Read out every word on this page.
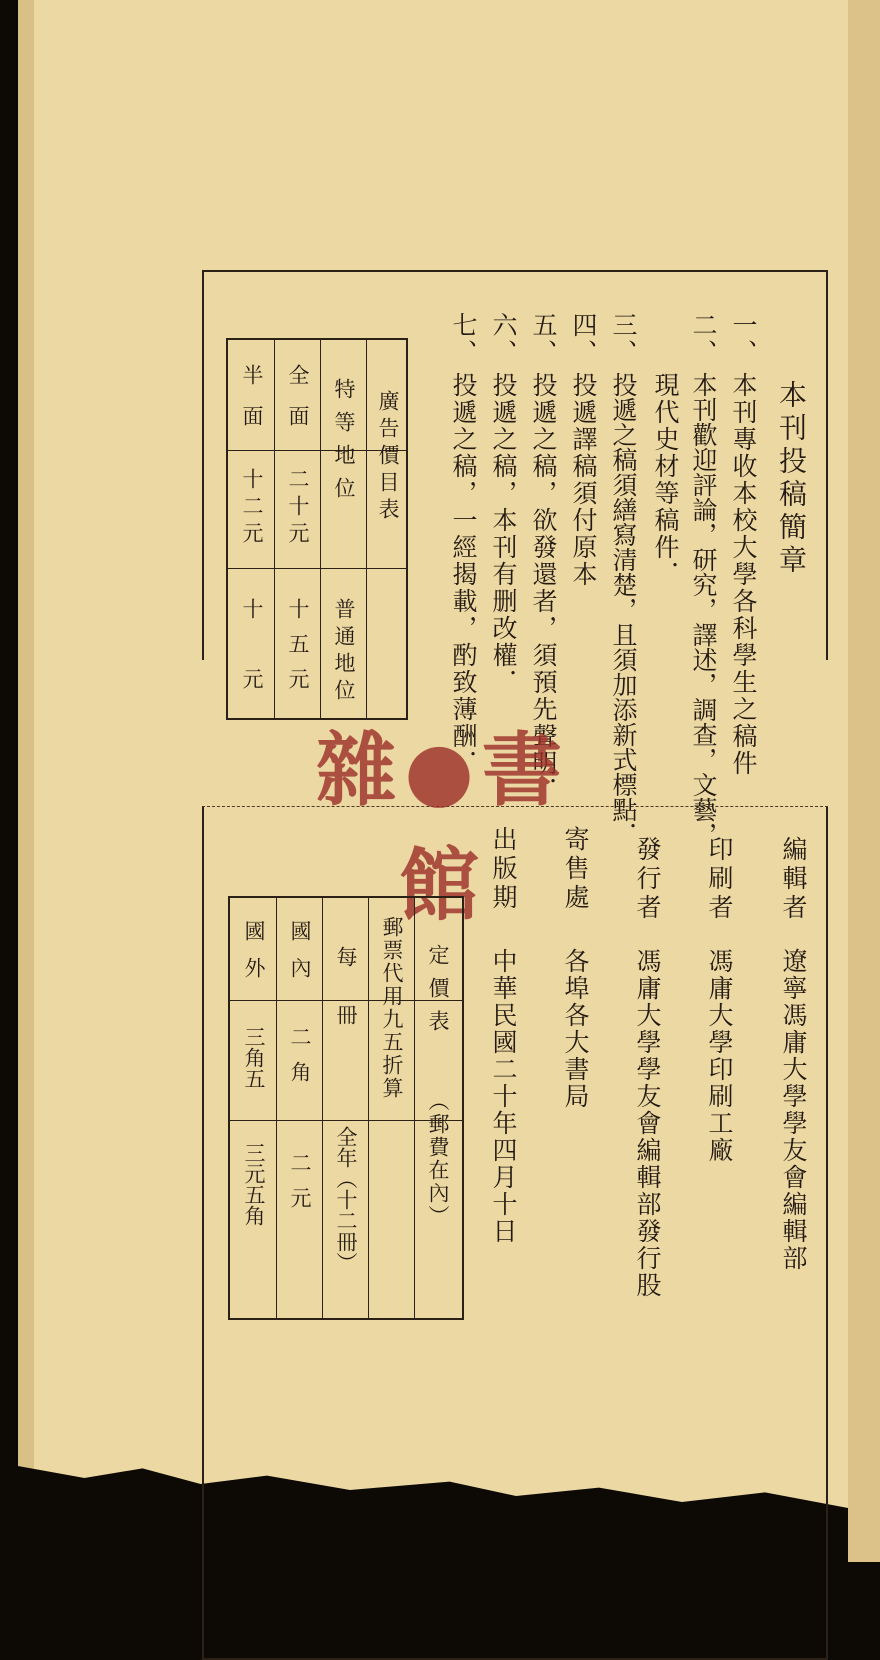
本刊投稿簡章
一、
本刊專收本校大學各科學生之稿件
二、
本刊歡迎評論，研究，譯述，調查，文藝，
現代史材等稿件．
三、
投遞之稿須繕寫清楚，且須加添新式標點．
四、
投遞譯稿須付原本
五、
投遞之稿，欲發還者，須預先聲明．
六、
投遞之稿，本刊有删改權．
七、
投遞之稿，一經揭載，酌致薄酬．
廣告價目表
特等地位
普通地位
全面
二十元
十五元
半面
十二元
十　元
雜●書館	編輯者
遼寧馮庸大學學友會編輯部
印刷者
馮庸大學印刷工廠
發行者
馮庸大學學友會編輯部發行股
寄售處
各埠各大書局
出版期
中華民國二十年四月十日
定價表
（郵費在內）
郵票代用九五折算
每　冊
全年（十二冊）
國內
二角
二元
國外
三角五
三元五角
